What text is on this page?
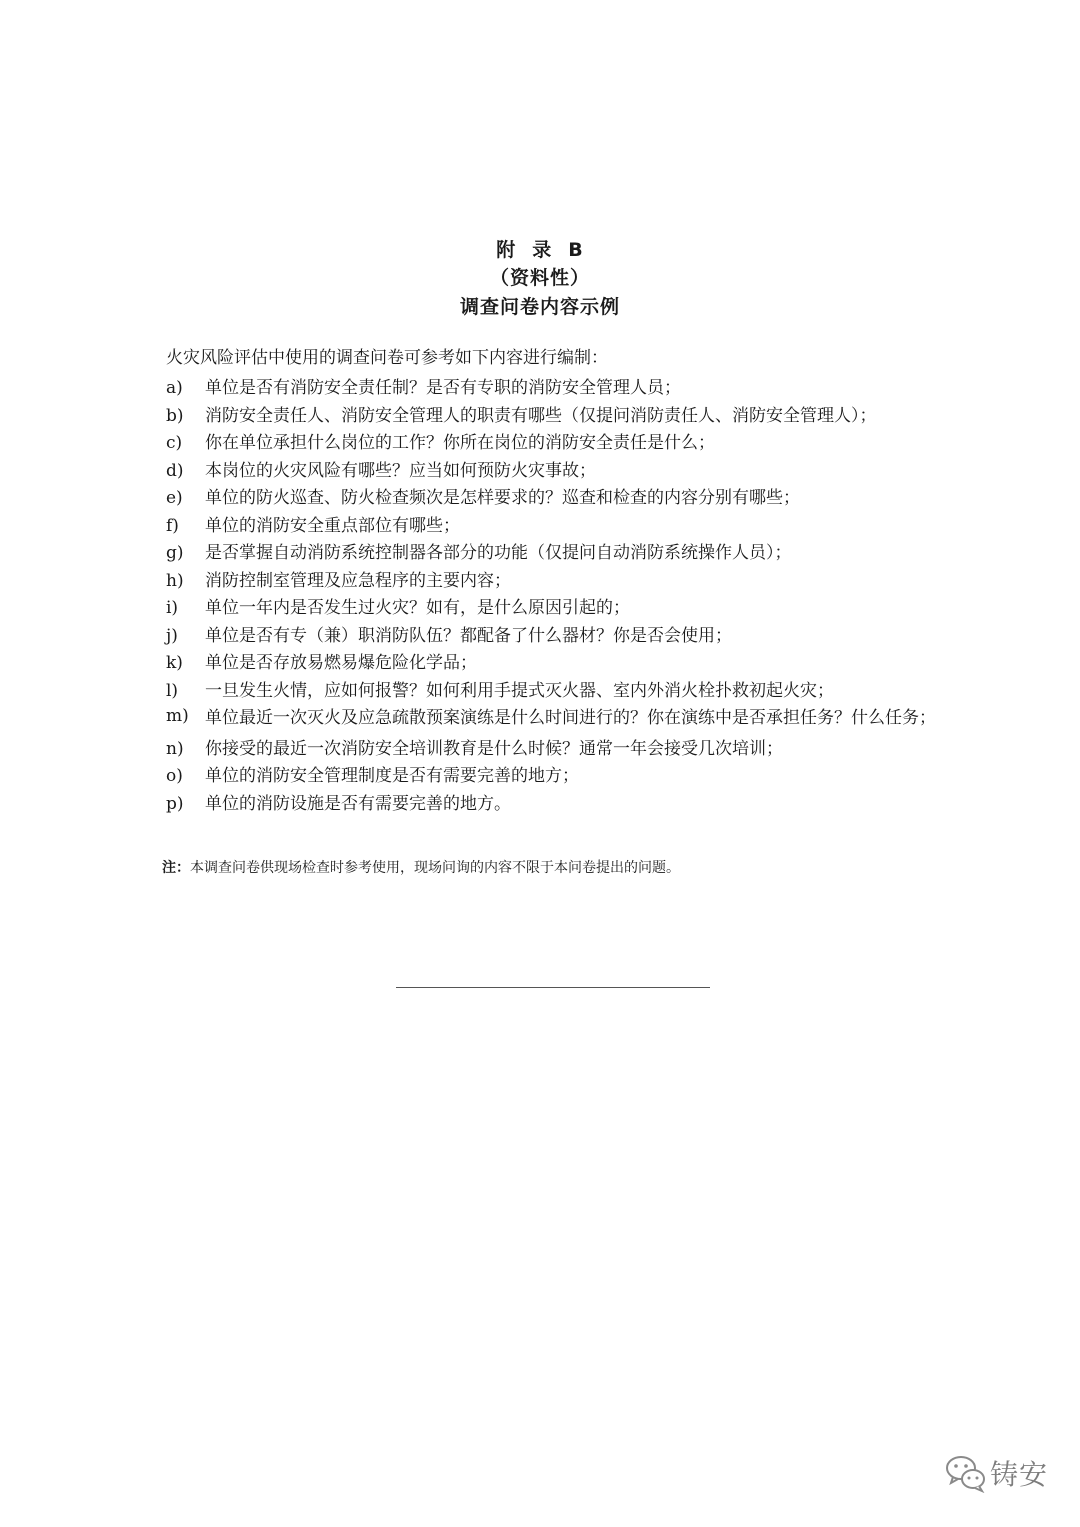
附 录 B
（资料性）
调查问卷内容示例
火灾风险评估中使用的调查问卷可参考如下内容进行编制：
a)	单位是否有消防安全责任制？是否有专职的消防安全管理人员；
b)	消防安全责任人、消防安全管理人的职责有哪些（仅提问消防责任人、消防安全管理人）；
c)	你在单位承担什么岗位的工作？你所在岗位的消防安全责任是什么；
d)	本岗位的火灾风险有哪些？应当如何预防火灾事故；
e)	单位的防火巡查、防火检查频次是怎样要求的？巡查和检查的内容分别有哪些；
f)	单位的消防安全重点部位有哪些；
g)	是否掌握自动消防系统控制器各部分的功能（仅提问自动消防系统操作人员）；
h)	消防控制室管理及应急程序的主要内容；
i)	单位一年内是否发生过火灾？如有，是什么原因引起的；
j)	单位是否有专（兼）职消防队伍？都配备了什么器材？你是否会使用；
k)	单位是否存放易燃易爆危险化学品；
l)	一旦发生火情，应如何报警？如何利用手提式灭火器、室内外消火栓扑救初起火灾；
m) 单位最近一次灭火及应急疏散预案演练是什么时间进行的？你在演练中是否承担任务？什么任务；
n)	你接受的最近一次消防安全培训教育是什么时候？通常一年会接受几次培训；
o)	单位的消防安全管理制度是否有需要完善的地方；
p)	单位的消防设施是否有需要完善的地方。
注：本调查问卷供现场检查时参考使用，现场问询的内容不限于本问卷提出的问题。
铸安
